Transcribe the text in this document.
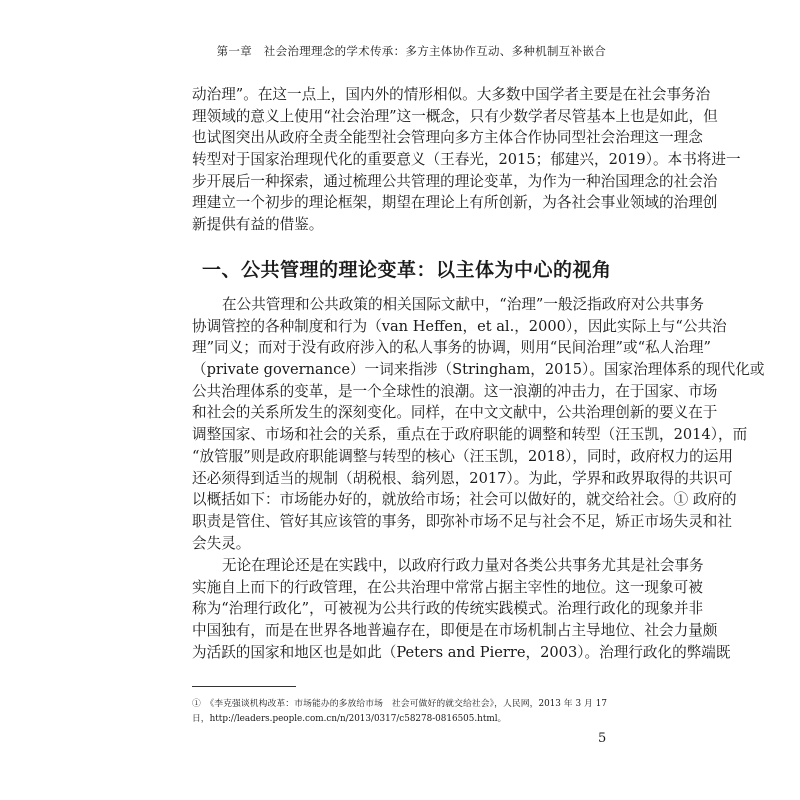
第一章　社会治理理念的学术传承：多方主体协作互动、多种机制互补嵌合
动治理”。在这一点上，国内外的情形相似。大多数中国学者主要是在社会事务治
理领域的意义上使用“社会治理”这一概念，只有少数学者尽管基本上也是如此，但
也试图突出从政府全责全能型社会管理向多方主体合作协同型社会治理这一理念
转型对于国家治理现代化的重要意义（王春光，2015；郁建兴，2019）。本书将进一
步开展后一种探索，通过梳理公共管理的理论变革，为作为一种治国理念的社会治
理建立一个初步的理论框架，期望在理论上有所创新，为各社会事业领域的治理创
新提供有益的借鉴。
一、公共管理的理论变革：以主体为中心的视角
在公共管理和公共政策的相关国际文献中，“治理”一般泛指政府对公共事务
协调管控的各种制度和行为（van Heffen，et al.，2000），因此实际上与“公共治
理”同义；而对于没有政府涉入的私人事务的协调，则用“民间治理”或“私人治理”
（private governance）一词来指涉（Stringham，2015）。国家治理体系的现代化或
公共治理体系的变革，是一个全球性的浪潮。这一浪潮的冲击力，在于国家、市场
和社会的关系所发生的深刻变化。同样，在中文文献中，公共治理创新的要义在于
调整国家、市场和社会的关系，重点在于政府职能的调整和转型（汪玉凯，2014），而
“放管服”则是政府职能调整与转型的核心（汪玉凯，2018），同时，政府权力的运用
还必须得到适当的规制（胡税根、翁列恩，2017）。为此，学界和政界取得的共识可
以概括如下：市场能办好的，就放给市场；社会可以做好的，就交给社会。① 政府的
职责是管住、管好其应该管的事务，即弥补市场不足与社会不足，矫正市场失灵和社
会失灵。
无论在理论还是在实践中，以政府行政力量对各类公共事务尤其是社会事务
实施自上而下的行政管理，在公共治理中常常占据主宰性的地位。这一现象可被
称为“治理行政化”，可被视为公共行政的传统实践模式。治理行政化的现象并非
中国独有，而是在世界各地普遍存在，即便是在市场机制占主导地位、社会力量颇
为活跃的国家和地区也是如此（Peters and Pierre，2003）。治理行政化的弊端既
①　《李克强谈机构改革：市场能办的多放给市场　社会可做好的就交给社会》，人民网，2013 年 3 月 17
日，http://leaders.people.com.cn/n/2013/0317/c58278-0816505.html。
5
